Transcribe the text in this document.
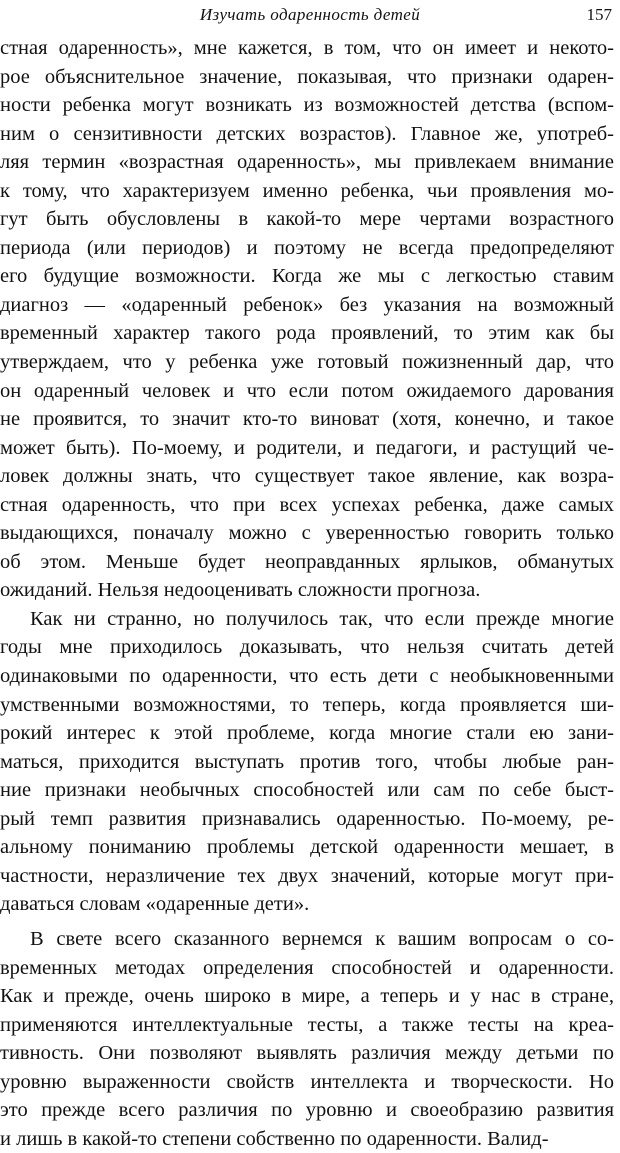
Изучать одаренность детей	157
стная одаренность», мне кажется, в том, что он имеет и некото-
рое объяснительное значение, показывая, что признаки одарен-
ности ребенка могут возникать из возможностей детства (вспом-
ним о сензитивности детских возрастов). Главное же, употреб-
ляя термин «возрастная одаренность», мы привлекаем внимание
к тому, что характеризуем именно ребенка, чьи проявления мо-
гут быть обусловлены в какой-то мере чертами возрастного
периода (или периодов) и поэтому не всегда предопределяют
его будущие возможности. Когда же мы с легкостью ставим
диагноз — «одаренный ребенок» без указания на возможный
временный характер такого рода проявлений, то этим как бы
утверждаем, что у ребенка уже готовый пожизненный дар, что
он одаренный человек и что если потом ожидаемого дарования
не проявится, то значит кто-то виноват (хотя, конечно, и такое
может быть). По-моему, и родители, и педагоги, и растущий че-
ловек должны знать, что существует такое явление, как возра-
стная одаренность, что при всех успехах ребенка, даже самых
выдающихся, поначалу можно с уверенностью говорить только
об этом. Меньше будет неоправданных ярлыков, обманутых
ожиданий. Нельзя недооценивать сложности прогноза.
Как ни странно, но получилось так, что если прежде многие
годы мне приходилось доказывать, что нельзя считать детей
одинаковыми по одаренности, что есть дети с необыкновенными
умственными возможностями, то теперь, когда проявляется ши-
рокий интерес к этой проблеме, когда многие стали ею зани-
маться, приходится выступать против того, чтобы любые ран-
ние признаки необычных способностей или сам по себе быст-
рый темп развития признавались одаренностью. По-моему, ре-
альному пониманию проблемы детской одаренности мешает, в
частности, неразличение тех двух значений, которые могут при-
даваться словам «одаренные дети».
В свете всего сказанного вернемся к вашим вопросам о со-
временных методах определения способностей и одаренности.
Как и прежде, очень широко в мире, а теперь и у нас в стране,
применяются интеллектуальные тесты, а также тесты на креа-
тивность. Они позволяют выявлять различия между детьми по
уровню выраженности свойств интеллекта и творческости. Но
это прежде всего различия по уровню и своеобразию развития
и лишь в какой-то степени собственно по одаренности. Валид-
